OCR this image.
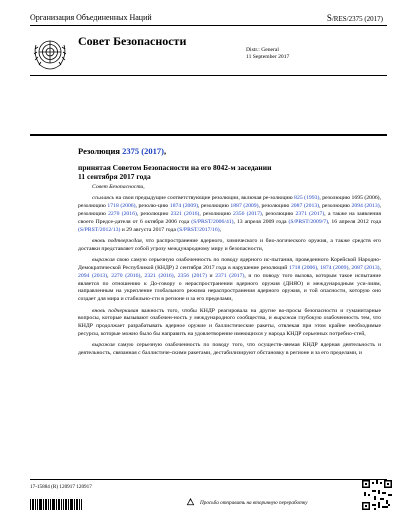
Организация Объединенных Наций	S/RES/2375 (2017)
Совет Безопасности
Distr.: General
11 September 2017
Резолюция 2375 (2017),
принятая Советом Безопасности на его 8042-м заседании
11 сентября 2017 года

Совет Безопасности,

ссылаясь на свои предыдущие соответствующие резолюции, включая ре-золюцию 825 (1993), резолюцию 1695 (2006), резолюцию 1718 (2006), резолю-цию 1874 (2009), резолюцию 1887 (2009), резолюцию 2087 (2013), резолюцию 2094 (2013), резолюцию 2270 (2016), резолюцию 2321 (2016), резолюцию 2356 (2017), резолюцию 2371 (2017), а также на заявления своего Предсе-дателя от 6 октября 2006 года (S/PRST/2006/41), 13 апреля 2009 года (S/PRST/2009/7), 16 апреля 2012 года (S/PRST/2012/13) и 29 августа 2017 года (S/PRST/2017/16),

вновь подтверждая, что распространение ядерного, химического и био-логического оружия, а также средств его доставки представляет собой угрозу международному миру и безопасности,

выражая свою самую серьезную озабоченность по поводу ядерного ис-пытания, проведенного Корейской Народно-Демократической Республикой (КНДР) 2 сентября 2017 года в нарушение резолюций 1718 (2006), 1874 (2009), 2087 (2013), 2094 (2013), 2270 (2016), 2321 (2016), 2356 (2017) и 2371 (2017), и по поводу того вызова, которым такое испытание является по отношению к До-говору о нераспространении ядерного оружия (ДНЯО) и международным уси-лиям, направленным на укрепление глобального режима нераспространения ядерного оружия, и той опасности, которую оно создает для мира и стабильно-сти в регионе и за его пределами,

вновь подчеркивая важность того, чтобы КНДР реагировала на другие во-просы безопасности и гуманитарные вопросы, которые вызывают озабочен-ность у международного сообщества, и выражая глубокую озабоченность тем, что КНДР продолжает разрабатывать ядерное оружие и баллистические ракеты, отвлекая при этом крайне необходимые ресурсы, которые можно было бы направить на удовлетворение имеющихся у народа КНДР серьезных потребно-стей,

выражая самую серьезную озабоченность по поводу того, что осуществ-ляемая КНДР ядерная деятельность и деятельность, связанная с баллистиче-скими ракетами, дестабилизируют обстановку в регионе и за его пределами, и

17-15884 (R) 120917 120917
Просьба отправить на вторичную переработку
